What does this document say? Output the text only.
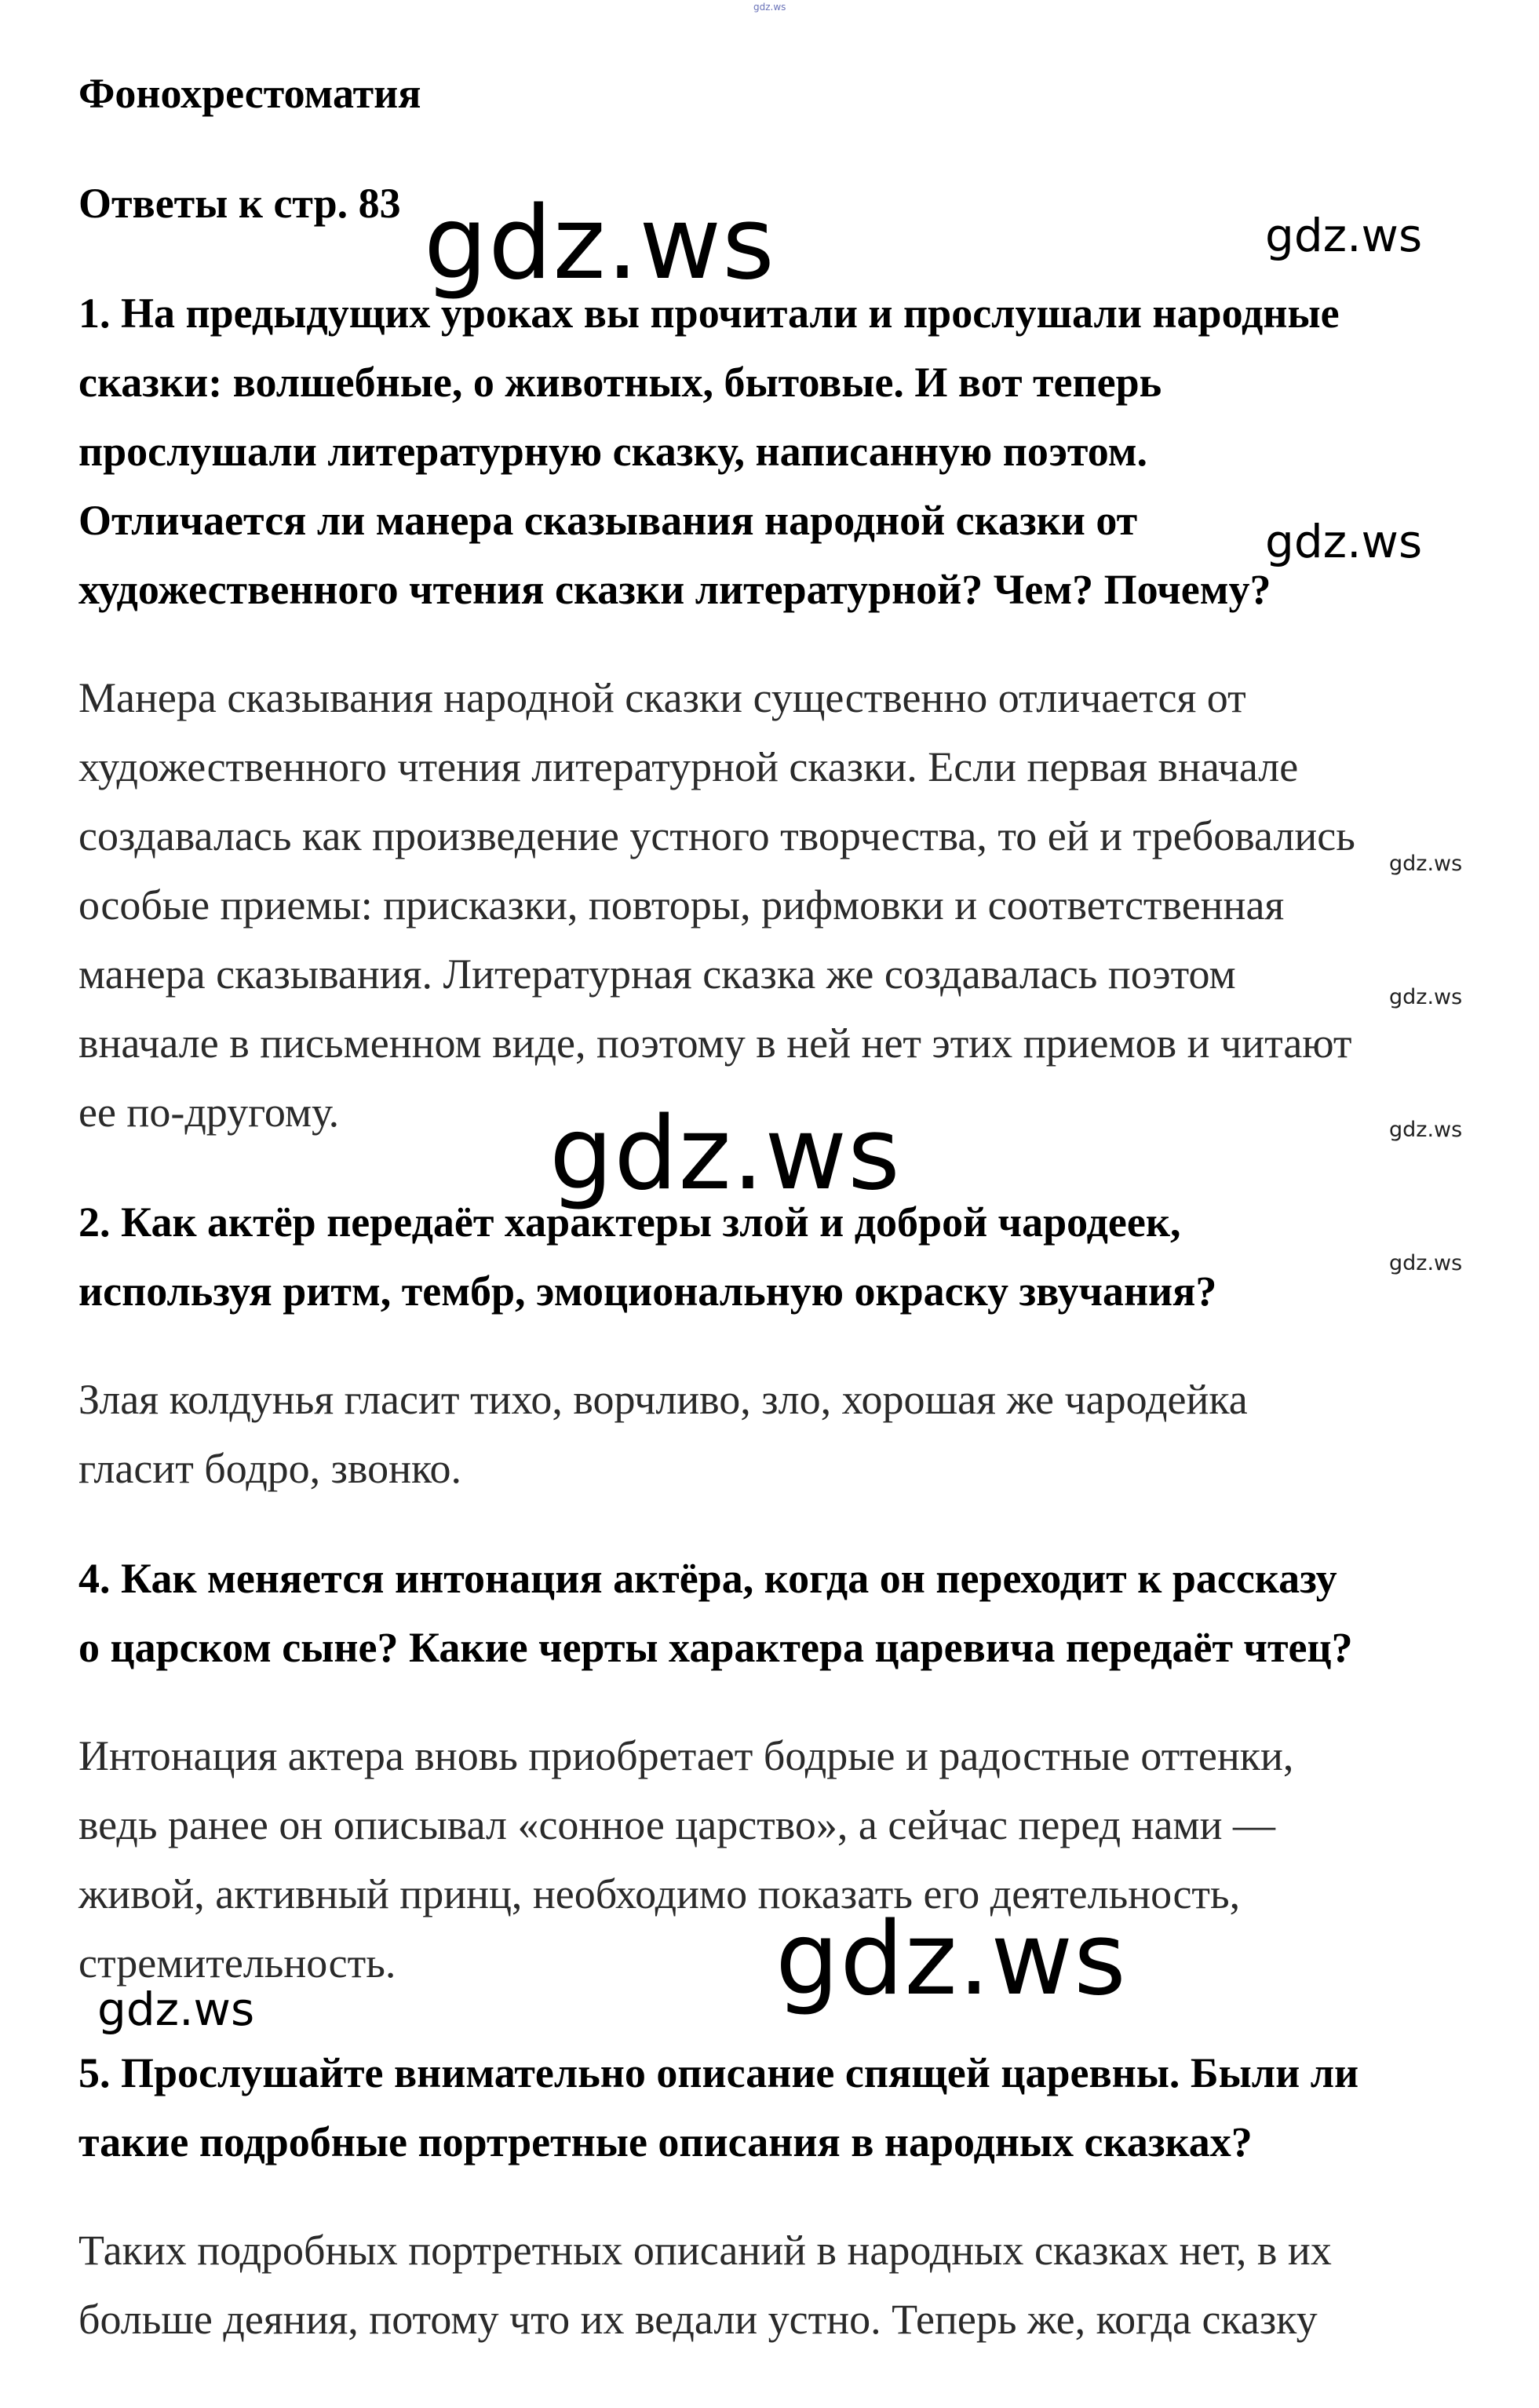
Фонохрестоматия

Ответы к стр. 83

1. На предыдущих уроках вы прочитали и прослушали народные

сказки: волшебные, о животных, бытовые. И вот теперь

прослушали литературную сказку, написанную поэтом.

Отличается ли манера сказывания народной сказки от

художественного чтения сказки литературной? Чем? Почему?

Манера сказывания народной сказки существенно отличается от

художественного чтения литературной сказки. Если первая вначале

создавалась как произведение устного творчества, то ей и требовались

особые приемы: присказки, повторы, рифмовки и соответственная

манера сказывания. Литературная сказка же создавалась поэтом

вначале в письменном виде, поэтому в ней нет этих приемов и читают

ее по-другому.

2. Как актёр передаёт характеры злой и доброй чародеек,

используя ритм, тембр, эмоциональную окраску звучания?

Злая колдунья гласит тихо, ворчливо, зло, хорошая же чародейка

гласит бодро, звонко.

4. Как меняется интонация актёра, когда он переходит к рассказу

о царском сыне? Какие черты характера царевича передаёт чтец?

Интонация актера вновь приобретает бодрые и радостные оттенки,

ведь ранее он описывал «сонное царство», а сейчас перед нами —

живой, активный принц, необходимо показать его деятельность,

стремительность.

5. Прослушайте внимательно описание спящей царевны. Были ли

такие подробные портретные описания в народных сказках?

Таких подробных портретных описаний в народных сказках нет, в их

больше деяния, потому что их ведали устно. Теперь же, когда сказку

gdz.ws
gdz.ws	gdz.ws
gdz.ws
gdz.ws
gdz.ws
gdz.ws	gdz.ws
gdz.ws
gdz.ws
gdz.ws
